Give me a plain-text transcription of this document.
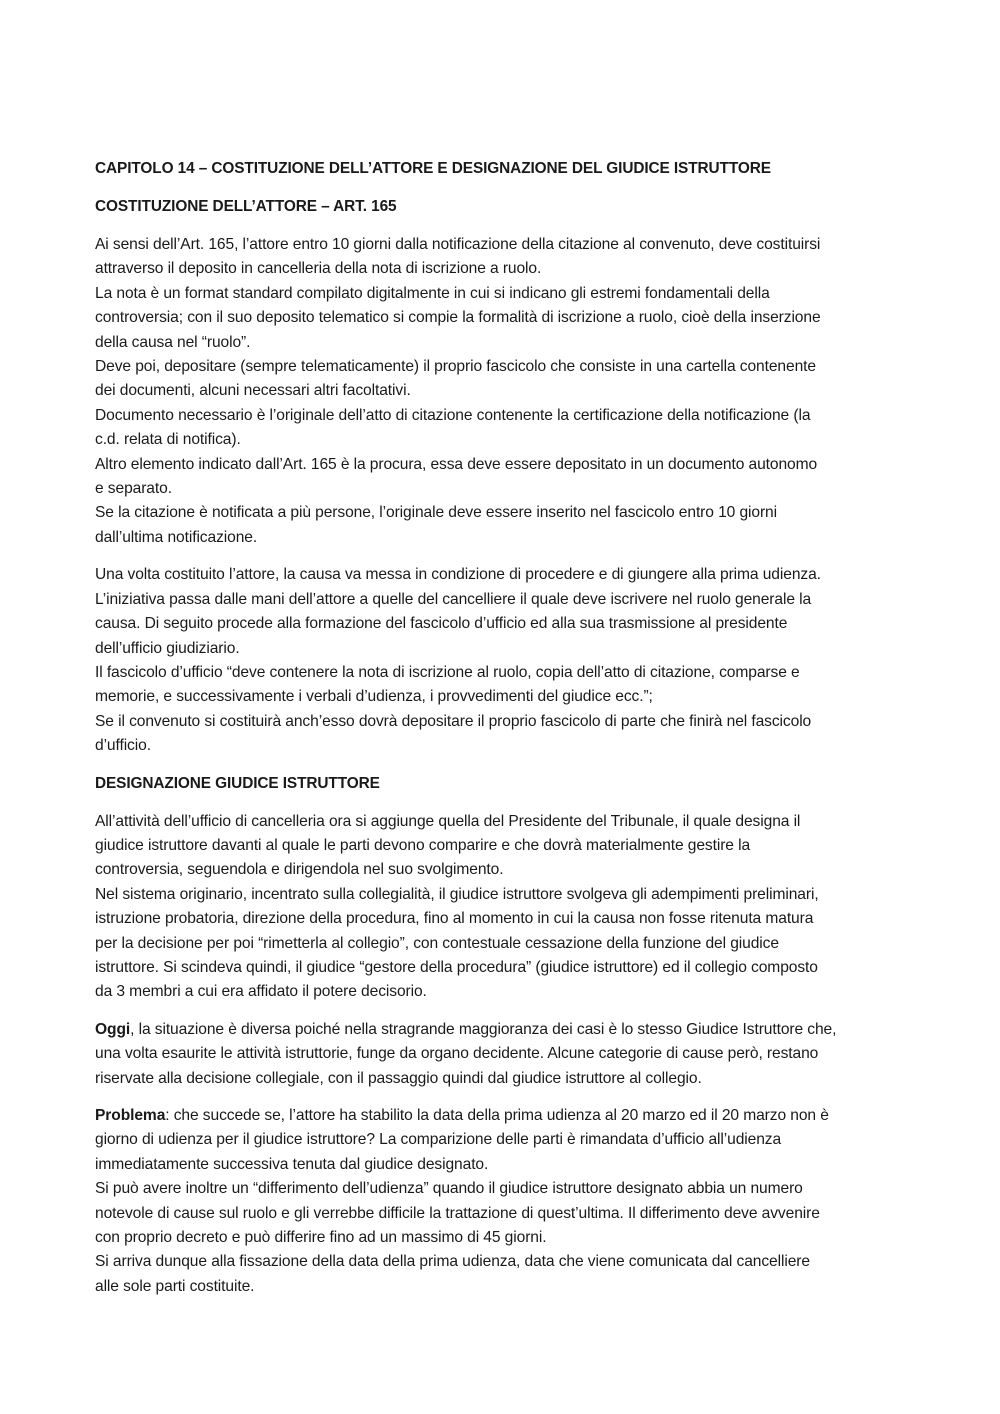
CAPITOLO 14 – COSTITUZIONE DELL’ATTORE E DESIGNAZIONE DEL GIUDICE ISTRUTTORE
COSTITUZIONE DELL’ATTORE – ART. 165
Ai sensi dell’Art. 165, l’attore entro 10 giorni dalla notificazione della citazione al convenuto, deve costituirsi
attraverso il deposito in cancelleria della nota di iscrizione a ruolo.
La nota è un format standard compilato digitalmente in cui si indicano gli estremi fondamentali della
controversia; con il suo deposito telematico si compie la formalità di iscrizione a ruolo, cioè della inserzione
della causa nel “ruolo”.
Deve poi, depositare (sempre telematicamente) il proprio fascicolo che consiste in una cartella contenente
dei documenti, alcuni necessari altri facoltativi.
Documento necessario è l’originale dell’atto di citazione contenente la certificazione della notificazione (la
c.d. relata di notifica).
Altro elemento indicato dall’Art. 165 è la procura, essa deve essere depositato in un documento autonomo
e separato.
Se la citazione è notificata a più persone, l’originale deve essere inserito nel fascicolo entro 10 giorni
dall’ultima notificazione.
Una volta costituito l’attore, la causa va messa in condizione di procedere e di giungere alla prima udienza.
L’iniziativa passa dalle mani dell’attore a quelle del cancelliere il quale deve iscrivere nel ruolo generale la
causa. Di seguito procede alla formazione del fascicolo d’ufficio ed alla sua trasmissione al presidente
dell’ufficio giudiziario.
Il fascicolo d’ufficio “deve contenere la nota di iscrizione al ruolo, copia dell’atto di citazione, comparse e
memorie, e successivamente i verbali d’udienza, i provvedimenti del giudice ecc.”;
Se il convenuto si costituirà anch’esso dovrà depositare il proprio fascicolo di parte che finirà nel fascicolo
d’ufficio.
DESIGNAZIONE GIUDICE ISTRUTTORE
All’attività dell’ufficio di cancelleria ora si aggiunge quella del Presidente del Tribunale, il quale designa il
giudice istruttore davanti al quale le parti devono comparire e che dovrà materialmente gestire la
controversia, seguendola e dirigendola nel suo svolgimento.
Nel sistema originario, incentrato sulla collegialità, il giudice istruttore svolgeva gli adempimenti preliminari,
istruzione probatoria, direzione della procedura, fino al momento in cui la causa non fosse ritenuta matura
per la decisione per poi “rimetterla al collegio”, con contestuale cessazione della funzione del giudice
istruttore. Si scindeva quindi, il giudice “gestore della procedura” (giudice istruttore) ed il collegio composto
da 3 membri a cui era affidato il potere decisorio.
Oggi, la situazione è diversa poiché nella stragrande maggioranza dei casi è lo stesso Giudice Istruttore che,
una volta esaurite le attività istruttorie, funge da organo decidente. Alcune categorie di cause però, restano
riservate alla decisione collegiale, con il passaggio quindi dal giudice istruttore al collegio.
Problema: che succede se, l’attore ha stabilito la data della prima udienza al 20 marzo ed il 20 marzo non è
giorno di udienza per il giudice istruttore? La comparizione delle parti è rimandata d’ufficio all’udienza
immediatamente successiva tenuta dal giudice designato.
Si può avere inoltre un “differimento dell’udienza” quando il giudice istruttore designato abbia un numero
notevole di cause sul ruolo e gli verrebbe difficile la trattazione di quest’ultima. Il differimento deve avvenire
con proprio decreto e può differire fino ad un massimo di 45 giorni.
Si arriva dunque alla fissazione della data della prima udienza, data che viene comunicata dal cancelliere
alle sole parti costituite.
